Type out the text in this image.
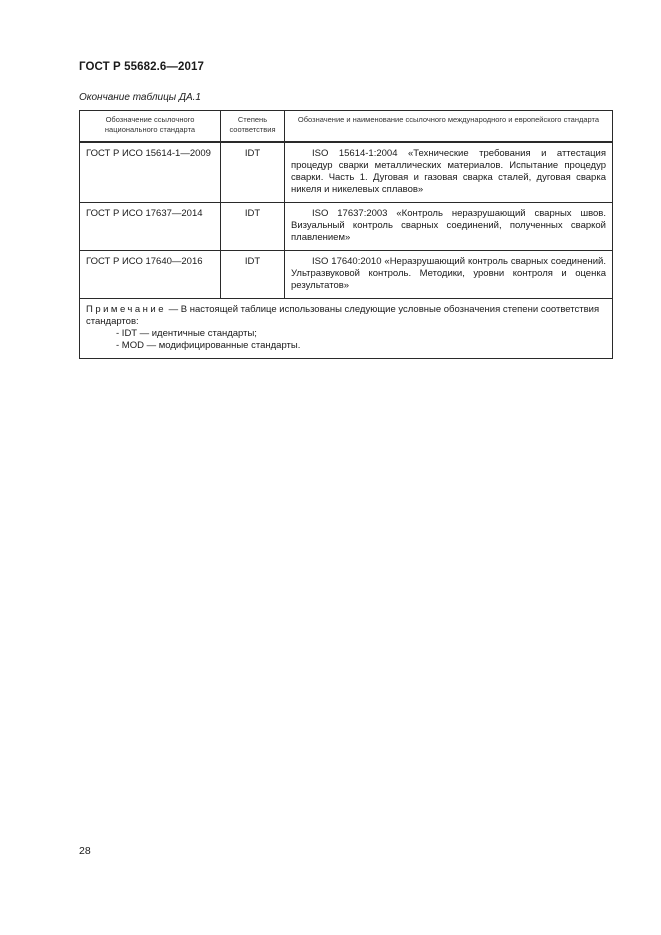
ГОСТ Р 55682.6—2017
Окончание таблицы ДА.1
Обозначение ссылочного национального стандарта	Степень соответствия	Обозначение и наименование ссылочного международного и европейского стандарта
ГОСТ Р ИСО 15614-1—2009	IDT	ISO 15614-1:2004 «Технические требования и аттестация процедур сварки металлических материалов. Испытание процедур сварки. Часть 1. Дуговая и газовая сварка сталей, дуговая сварка никеля и никелевых сплавов»
ГОСТ Р ИСО 17637—2014	IDT	ISO 17637:2003 «Контроль неразрушающий сварных швов. Визуальный контроль сварных соединений, полученных сваркой плавлением»
ГОСТ Р ИСО 17640—2016	IDT	ISO 17640:2010 «Неразрушающий контроль сварных соединений. Ультразвуковой контроль. Методики, уровни контроля и оценка результатов»
Примечание — В настоящей таблице использованы следующие условные обозначения степени соответствия стандартов:
- IDT — идентичные стандарты;
- MOD — модифицированные стандарты.		
28
